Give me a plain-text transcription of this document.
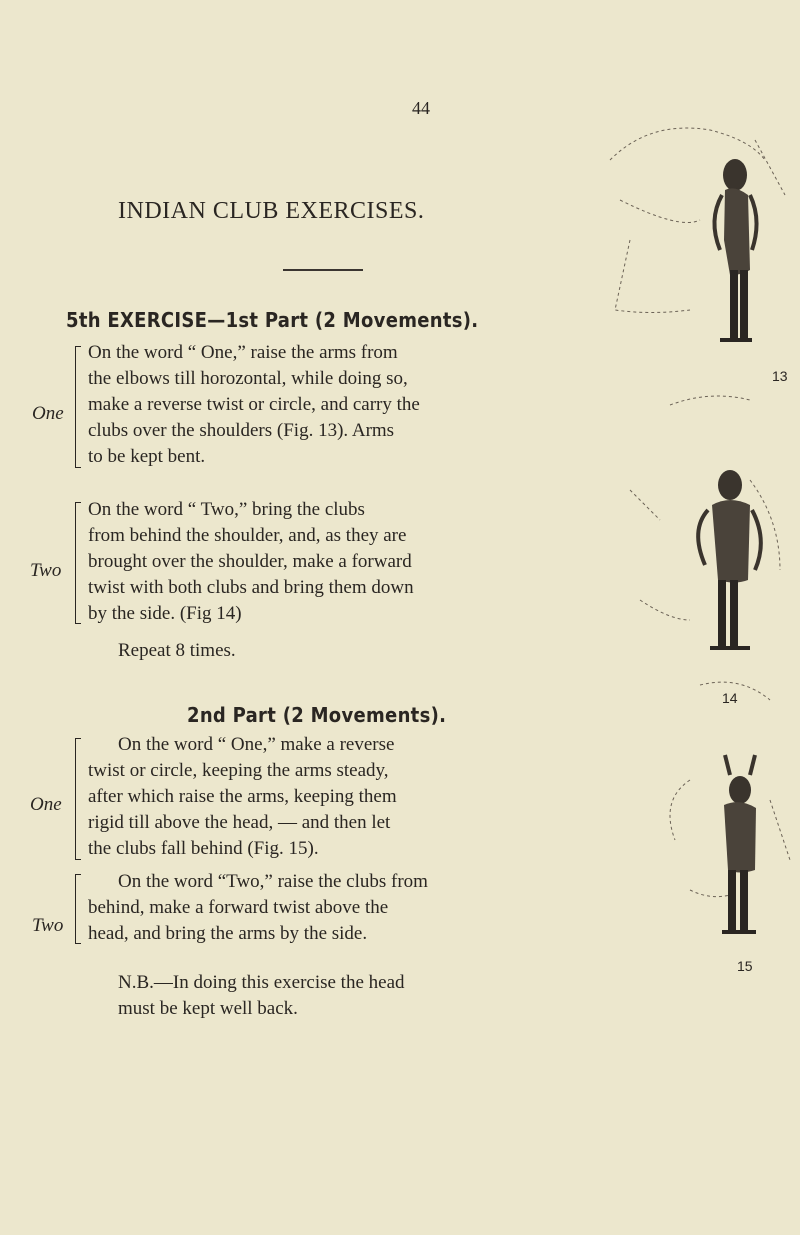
44
INDIAN CLUB EXERCISES.
5th EXERCISE—1st Part (2 Movements).
One

On the word “ One,” raise the arms from

the elbows till horozontal, while doing so,

make a reverse twist or circle, and carry the

clubs over the shoulders (Fig. 13). Arms

to be kept bent.

Two

On the word “ Two,” bring the clubs

from behind the shoulder, and, as they are

brought over the shoulder, make a forward

twist with both clubs and bring them down

by the side. (Fig 14)

Repeat 8 times.
2nd Part (2 Movements).
One

On the word “ One,” make a reverse

twist or circle, keeping the arms steady,

after which raise the arms, keeping them

rigid till above the head, — and then let

the clubs fall behind (Fig. 15).

Two

On the word “Two,” raise the clubs from

behind, make a forward twist above the

head, and bring the arms by the side.

N.B.—In doing this exercise the head

must be kept well back.

13
14
15
